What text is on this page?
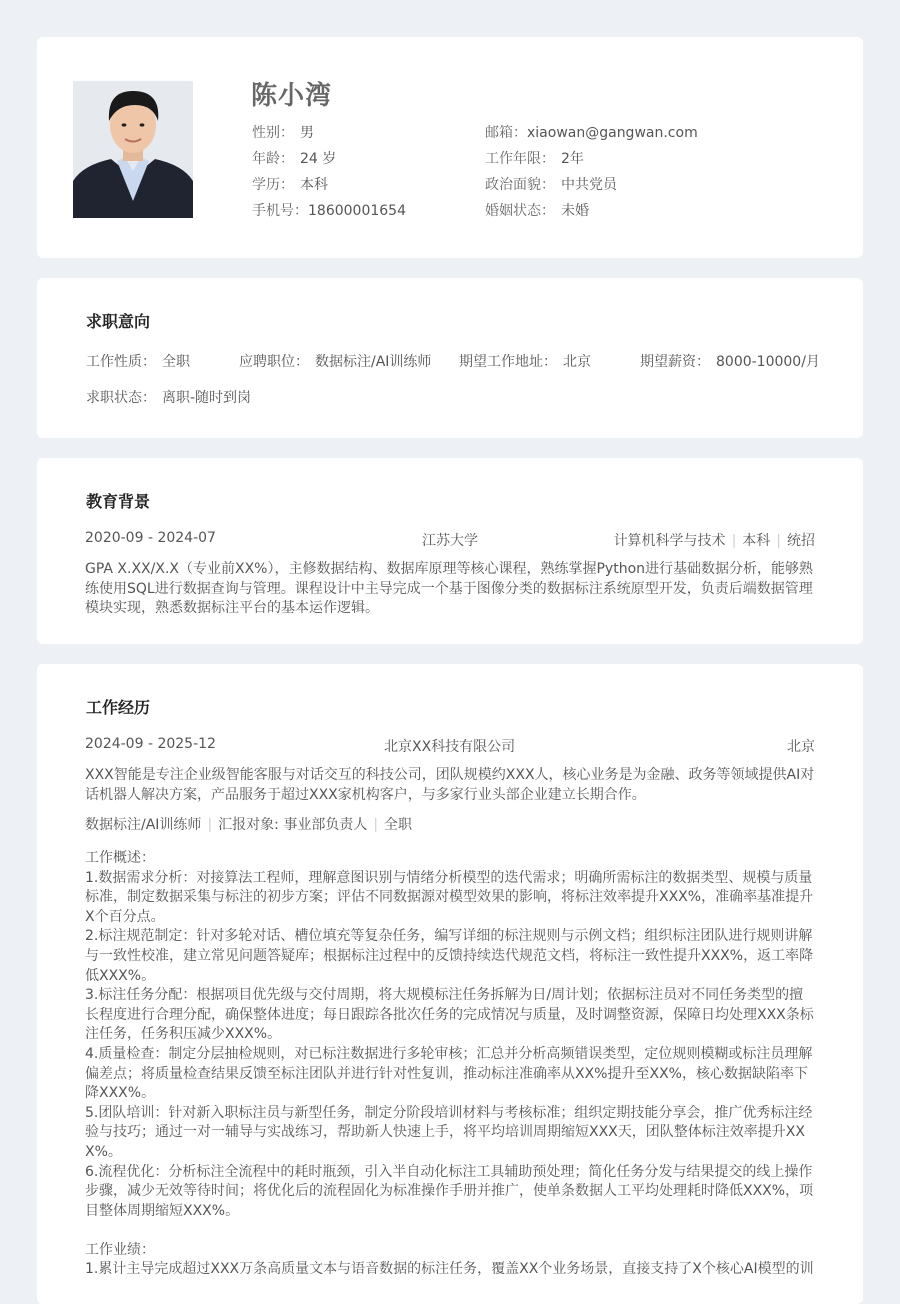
陈小湾
性别： 男
年龄： 24 岁
学历： 本科
手机号：18600001654
邮箱：xiaowan@gangwan.com
工作年限： 2年
政治面貌： 中共党员
婚姻状态： 未婚
求职意向
工作性质： 全职	应聘职位： 数据标注/AI训练师 期望工作地址： 北京	期望薪资： 8000-10000/月
求职状态： 离职-随时到岗
教育背景
2020-09 - 2024-07	江苏大学	计算机科学与技术 | 本科 | 统招
GPA X.XX/X.X（专业前XX%），主修数据结构、数据库原理等核心课程，熟练掌握Python进行基础数据分析，能够熟练使用SQL进行数据查询与管理。课程设计中主导完成一个基于图像分类的数据标注系统原型开发，负责后端数据管理模块实现，熟悉数据标注平台的基本运作逻辑。
工作经历
2024-09 - 2025-12	北京XX科技有限公司	北京
XXX智能是专注企业级智能客服与对话交互的科技公司，团队规模约XXX人，核心业务是为金融、政务等领域提供AI对话机器人解决方案，产品服务于超过XXX家机构客户，与多家行业头部企业建立长期合作。
数据标注/AI训练师 | 汇报对象: 事业部负责人 | 全职
工作概述：
1.数据需求分析：对接算法工程师，理解意图识别与情绪分析模型的迭代需求；明确所需标注的数据类型、规模与质量标准，制定数据采集与标注的初步方案；评估不同数据源对模型效果的影响，将标注效率提升XXX%，准确率基准提升X个百分点。
2.标注规范制定：针对多轮对话、槽位填充等复杂任务，编写详细的标注规则与示例文档；组织标注团队进行规则讲解与一致性校准，建立常见问题答疑库；根据标注过程中的反馈持续迭代规范文档，将标注一致性提升XXX%，返工率降低XXX%。
3.标注任务分配：根据项目优先级与交付周期，将大规模标注任务拆解为日/周计划；依据标注员对不同任务类型的擅长程度进行合理分配，确保整体进度；每日跟踪各批次任务的完成情况与质量，及时调整资源，保障日均处理XXX条标注任务，任务积压减少XXX%。
4.质量检查：制定分层抽检规则，对已标注数据进行多轮审核；汇总并分析高频错误类型，定位规则模糊或标注员理解偏差点；将质量检查结果反馈至标注团队并进行针对性复训，推动标注准确率从XX%提升至XX%，核心数据缺陷率下降XXX%。
5.团队培训：针对新入职标注员与新型任务，制定分阶段培训材料与考核标准；组织定期技能分享会，推广优秀标注经验与技巧；通过一对一辅导与实战练习，帮助新人快速上手，将平均培训周期缩短XXX天，团队整体标注效率提升XXX%。
6.流程优化：分析标注全流程中的耗时瓶颈，引入半自动化标注工具辅助预处理；简化任务分发与结果提交的线上操作步骤，减少无效等待时间；将优化后的流程固化为标准操作手册并推广，使单条数据人工平均处理耗时降低XXX%，项目整体周期缩短XXX%。
工作业绩：
1.累计主导完成超过XXX万条高质量文本与语音数据的标注任务，覆盖XX个业务场景，直接支持了X个核心AI模型的训
